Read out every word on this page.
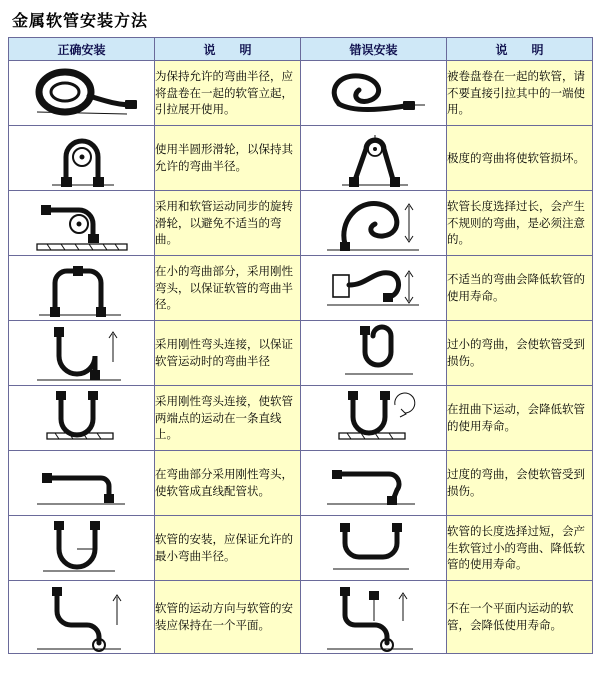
金属软管安装方法
正确安装	说　　明	错误安装	说　　明

	为保持允许的弯曲半径，应将盘卷在一起的软管立起，引拉展开使用。		被卷盘卷在一起的软管，请不要直接引拉其中的一端使用。

	使用半圆形滑轮，以保持其允许的弯曲半径。		极度的弯曲将使软管损坏。

	采用和软管运动同步的旋转滑轮，以避免不适当的弯曲。		软管长度选择过长，会产生不规则的弯曲，是必须注意的。

	在小的弯曲部分，采用刚性弯头，以保证软管的弯曲半径。		不适当的弯曲会降低软管的使用寿命。

	采用刚性弯头连接，以保证软管运动时的弯曲半径		过小的弯曲，会使软管受到损伤。

	采用刚性弯头连接，使软管两端点的运动在一条直线上。		在扭曲下运动，会降低软管的使用寿命。

	在弯曲部分采用刚性弯头，使软管成直线配管状。		过度的弯曲，会使软管受到损伤。

	软管的安装，应保证允许的最小弯曲半径。		软管的长度选择过短，会产生软管过小的弯曲、降低软管的使用寿命。

	软管的运动方向与软管的安装应保持在一个平面。		不在一个平面内运动的软管，会降低使用寿命。
